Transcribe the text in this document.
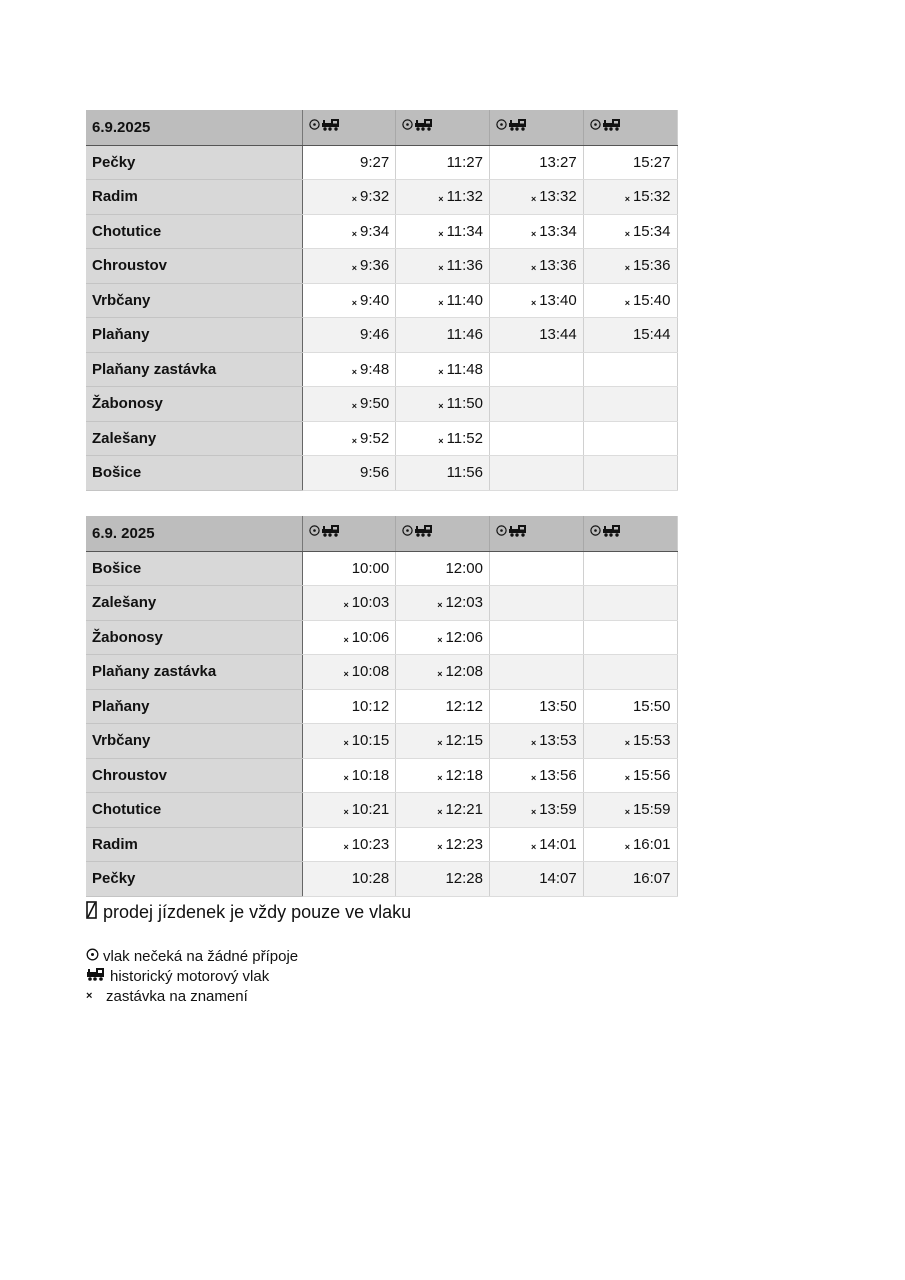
6.9.2025	

Pečky	9:27	11:27	13:27	15:27
Radim	× 9:32	× 11:32	× 13:32	× 15:32
Chotutice	× 9:34	× 11:34	× 13:34	× 15:34
Chroustov	× 9:36	× 11:36	× 13:36	× 15:36
Vrbčany	× 9:40	× 11:40	× 13:40	× 15:40
Plaňany	9:46	11:46	13:44	15:44
Plaňany zastávka	× 9:48	× 11:48		
Žabonosy	× 9:50	× 11:50		
Zalešany	× 9:52	× 11:52		
Bošice	9:56	11:56		
6.9. 2025	

Bošice	10:00	12:00		
Zalešany	× 10:03	× 12:03		
Žabonosy	× 10:06	× 12:06		
Plaňany zastávka	× 10:08	× 12:08		
Plaňany	10:12	12:12	13:50	15:50
Vrbčany	× 10:15	× 12:15	× 13:53	× 15:53
Chroustov	× 10:18	× 12:18	× 13:56	× 15:56
Chotutice	× 10:21	× 12:21	× 13:59	× 15:59
Radim	× 10:23	× 12:23	× 14:01	× 16:01
Pečky	10:28	12:28	14:07	16:07
prodej jízdenek je vždy pouze ve vlaku
vlak nečeká na žádné přípoje
historický motorový vlak
× zastávka na znamení
